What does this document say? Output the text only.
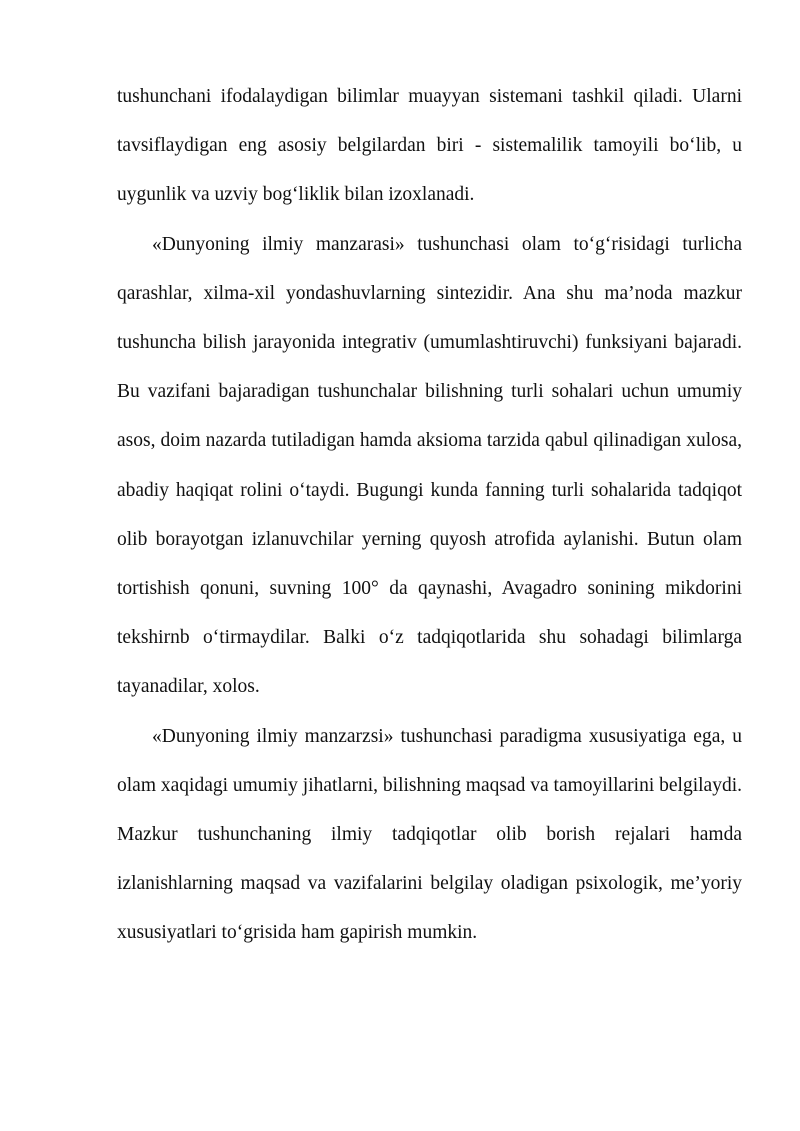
tushunchani ifodalaydigan bilimlar muayyan sistemani tashkil qiladi. Ularni tavsiflaydigan eng asosiy belgilardan biri - sistemalilik tamoyili bo‘lib, u uygunlik va uzviy bog‘liklik bilan izoxlanadi.

«Dunyoning ilmiy manzarasi» tushunchasi olam to‘g‘risidagi turlicha qarashlar, xilma-xil yondashuvlarning sintezidir. Ana shu ma’noda mazkur tushuncha bilish jarayonida integrativ (umumlashtiruvchi) funksiyani bajaradi. Bu vazifani bajaradigan tushunchalar bilishning turli sohalari uchun umumiy asos, doim nazarda tutiladigan hamda aksioma tarzida qabul qilinadigan xulosa, abadiy haqiqat rolini o‘taydi. Bugungi kunda fanning turli sohalarida tadqiqot olib borayotgan izlanuvchilar yerning quyosh atrofida aylanishi. Butun olam tortishish qonuni, suvning 100° da qaynashi, Avagadro sonining mikdorini tekshirnb o‘tirmaydilar. Balki o‘z tadqiqotlarida shu sohadagi bilimlarga tayanadilar, xolos.

«Dunyoning ilmiy manzarzsi» tushunchasi paradigma xususiyatiga ega, u olam xaqidagi umumiy jihatlarni, bilishning maqsad va tamoyillarini belgilaydi. Mazkur tushunchaning ilmiy tadqiqotlar olib borish rejalari hamda izlanishlarning maqsad va vazifalarini belgilay oladigan psixologik, me’yoriy xususiyatlari to‘grisida ham gapirish mumkin.
